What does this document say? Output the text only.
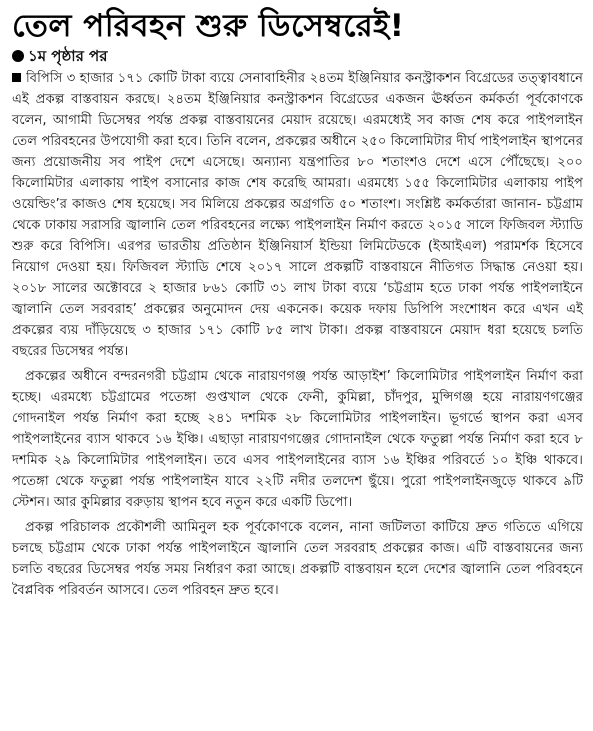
তেল পরিবহন শুরু ডিসেম্বরেই!
১ম পৃষ্ঠার পর

বিপিসি ৩ হাজার ১৭১ কোটি টাকা ব্যয়ে সেনাবাহিনীর ২৪তম ইঞ্জিনিয়ার কনস্ট্রাকশন বিগ্রেডের তত্ত্বাবধানে এই প্রকল্প বাস্তবায়ন করছে। ২৪তম ইঞ্জিনিয়ার কনস্ট্রাকশন বিগ্রেডের একজন ঊর্ধ্বতন কর্মকর্তা পূর্বকোণকে বলেন, আগামী ডিসেম্বর পর্যন্ত প্রকল্প বাস্তবায়নের মেয়াদ রয়েছে। এরমধ্যেই সব কাজ শেষ করে পাইপলাইন তেল পরিবহনের উপযোগী করা হবে। তিনি বলেন, প্রকল্পের অধীনে ২৫০ কিলোমিটার দীর্ঘ পাইপলাইন স্থাপনের জন্য প্রয়োজনীয় সব পাইপ দেশে এসেছে। অন্যান্য যন্ত্রপাতির ৮০ শতাংশও দেশে এসে পৌঁছেছে। ২০০ কিলোমিটার এলাকায় পাইপ বসানোর কাজ শেষ করেছি আমরা। এরমধ্যে ১৫৫ কিলোমিটার এলাকায় পাইপ ওয়েল্ডিং’র কাজও শেষ হয়েছে। সব মিলিয়ে প্রকল্পের অগ্রগতি ৫০ শতাংশ। সংশ্লিষ্ট কর্মকর্তারা জানান- চট্টগ্রাম থেকে ঢাকায় সরাসরি জ্বালানি তেল পরিবহনের লক্ষ্যে পাইপলাইন নির্মাণ করতে ২০১৫ সালে ফিজিবল স্ট্যাডি শুরু করে বিপিসি। এরপর ভারতীয় প্রতিষ্ঠান ইঞ্জিনিয়ার্স ইন্ডিয়া লিমিটেডকে (ইআইএল) পরামর্শক হিসেবে নিয়োগ দেওয়া হয়। ফিজিবল স্ট্যাডি শেষে ২০১৭ সালে প্রকল্পটি বাস্তবায়নে নীতিগত সিদ্ধান্ত নেওয়া হয়। ২০১৮ সালের অক্টোবরে ২ হাজার ৮৬১ কোটি ৩১ লাখ টাকা ব্যয়ে ‘চট্টগ্রাম হতে ঢাকা পর্যন্ত পাইপলাইনে জ্বালানি তেল সরবরাহ’ প্রকল্পের অনুমোদন দেয় একনেক। কয়েক দফায় ডিপিপি সংশোধন করে এখন এই প্রকল্পের ব্যয় দাঁড়িয়েছে ৩ হাজার ১৭১ কোটি ৮৫ লাখ টাকা। প্রকল্প বাস্তবায়নে মেয়াদ ধরা হয়েছে চলতি বছরের ডিসেম্বর পর্যন্ত।

প্রকল্পের অধীনে বন্দরনগরী চট্টগ্রাম থেকে নারায়ণগঞ্জ পর্যন্ত আড়াইশ’ কিলোমিটার পাইপলাইন নির্মাণ করা হচ্ছে। এরমধ্যে চট্টগ্রামের পতেঙ্গা গুপ্তখাল থেকে ফেনী, কুমিল্লা, চাঁদপুর, মুন্সিগঞ্জ হয়ে নারায়ণগঞ্জের গোদনাইল পর্যন্ত নির্মাণ করা হচ্ছে ২৪১ দশমিক ২৮ কিলোমিটার পাইপলাইন। ভূগর্ভে স্থাপন করা এসব পাইপলাইনের ব্যাস থাকবে ১৬ ইঞ্চি। এছাড়া নারায়ণগঞ্জের গোদানাইল থেকে ফতুল্লা পর্যন্ত নির্মাণ করা হবে ৮ দশমিক ২৯ কিলোমিটার পাইপলাইন। তবে এসব পাইপলাইনের ব্যাস ১৬ ইঞ্চির পরিবর্তে ১০ ইঞ্চি থাকবে। পতেঙ্গা থেকে ফতুল্লা পর্যন্ত পাইপলাইন যাবে ২২টি নদীর তলদেশ ছুঁয়ে। পুরো পাইপলাইনজুড়ে থাকবে ৯টি স্টেশন। আর কুমিল্লার বরুড়ায় স্থাপন হবে নতুন করে একটি ডিপো।

প্রকল্প পরিচালক প্রকৌশলী আমিনুল হক পূর্বকোণকে বলেন, নানা জটিলতা কাটিয়ে দ্রুত গতিতে এগিয়ে চলছে চট্টগ্রাম থেকে ঢাকা পর্যন্ত পাইপলাইনে জ্বালানি তেল সরবরাহ প্রকল্পের কাজ। এটি বাস্তবায়নের জন্য চলতি বছরের ডিসেম্বর পর্যন্ত সময় নির্ধারণ করা আছে। প্রকল্পটি বাস্তবায়ন হলে দেশের জ্বালানি তেল পরিবহনে বৈপ্লবিক পরিবর্তন আসবে। তেল পরিবহন দ্রুত হবে।
